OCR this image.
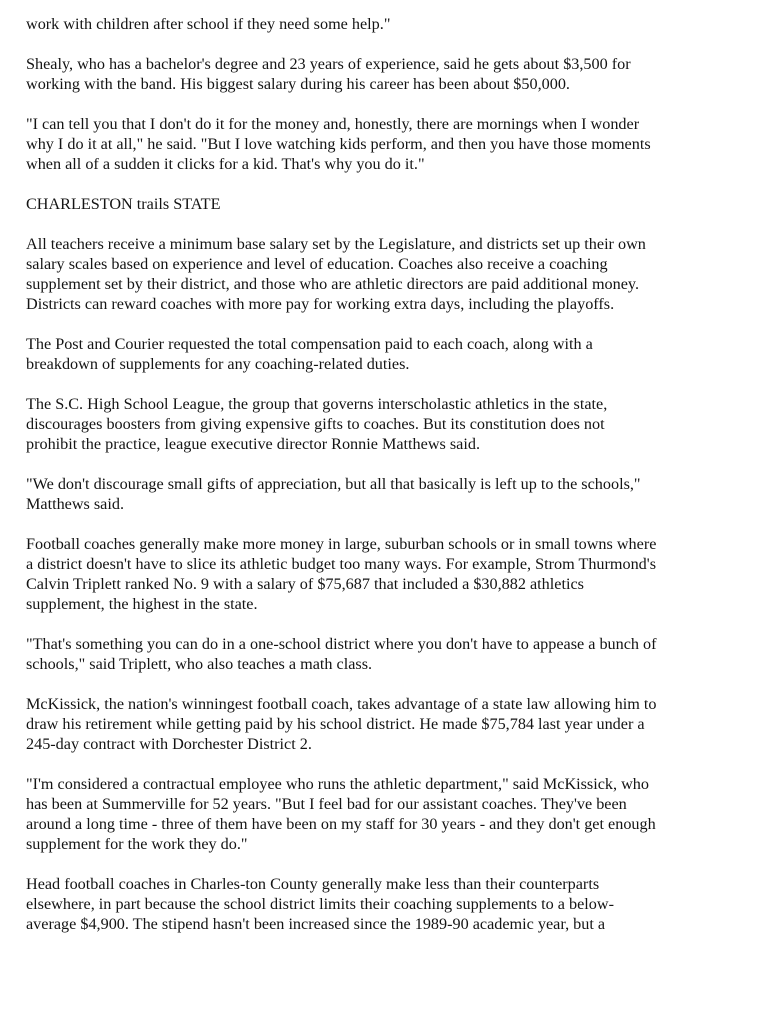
work with children after school if they need some help."

Shealy, who has a bachelor's degree and 23 years of experience, said he gets about $3,500 for
working with the band. His biggest salary during his career has been about $50,000.

"I can tell you that I don't do it for the money and, honestly, there are mornings when I wonder
why I do it at all," he said. "But I love watching kids perform, and then you have those moments
when all of a sudden it clicks for a kid. That's why you do it."

CHARLESTON trails STATE

All teachers receive a minimum base salary set by the Legislature, and districts set up their own
salary scales based on experience and level of education. Coaches also receive a coaching
supplement set by their district, and those who are athletic directors are paid additional money.
Districts can reward coaches with more pay for working extra days, including the playoffs.

The Post and Courier requested the total compensation paid to each coach, along with a
breakdown of supplements for any coaching-related duties.

The S.C. High School League, the group that governs interscholastic athletics in the state,
discourages boosters from giving expensive gifts to coaches. But its constitution does not
prohibit the practice, league executive director Ronnie Matthews said.

"We don't discourage small gifts of appreciation, but all that basically is left up to the schools,"
Matthews said.

Football coaches generally make more money in large, suburban schools or in small towns where
a district doesn't have to slice its athletic budget too many ways. For example, Strom Thurmond's
Calvin Triplett ranked No. 9 with a salary of $75,687 that included a $30,882 athletics
supplement, the highest in the state.

"That's something you can do in a one-school district where you don't have to appease a bunch of
schools," said Triplett, who also teaches a math class.

McKissick, the nation's winningest football coach, takes advantage of a state law allowing him to
draw his retirement while getting paid by his school district. He made $75,784 last year under a
245-day contract with Dorchester District 2.

"I'm considered a contractual employee who runs the athletic department," said McKissick, who
has been at Summerville for 52 years. "But I feel bad for our assistant coaches. They've been
around a long time - three of them have been on my staff for 30 years - and they don't get enough
supplement for the work they do."

Head football coaches in Charles-ton County generally make less than their counterparts
elsewhere, in part because the school district limits their coaching supplements to a below-
average $4,900. The stipend hasn't been increased since the 1989-90 academic year, but a
